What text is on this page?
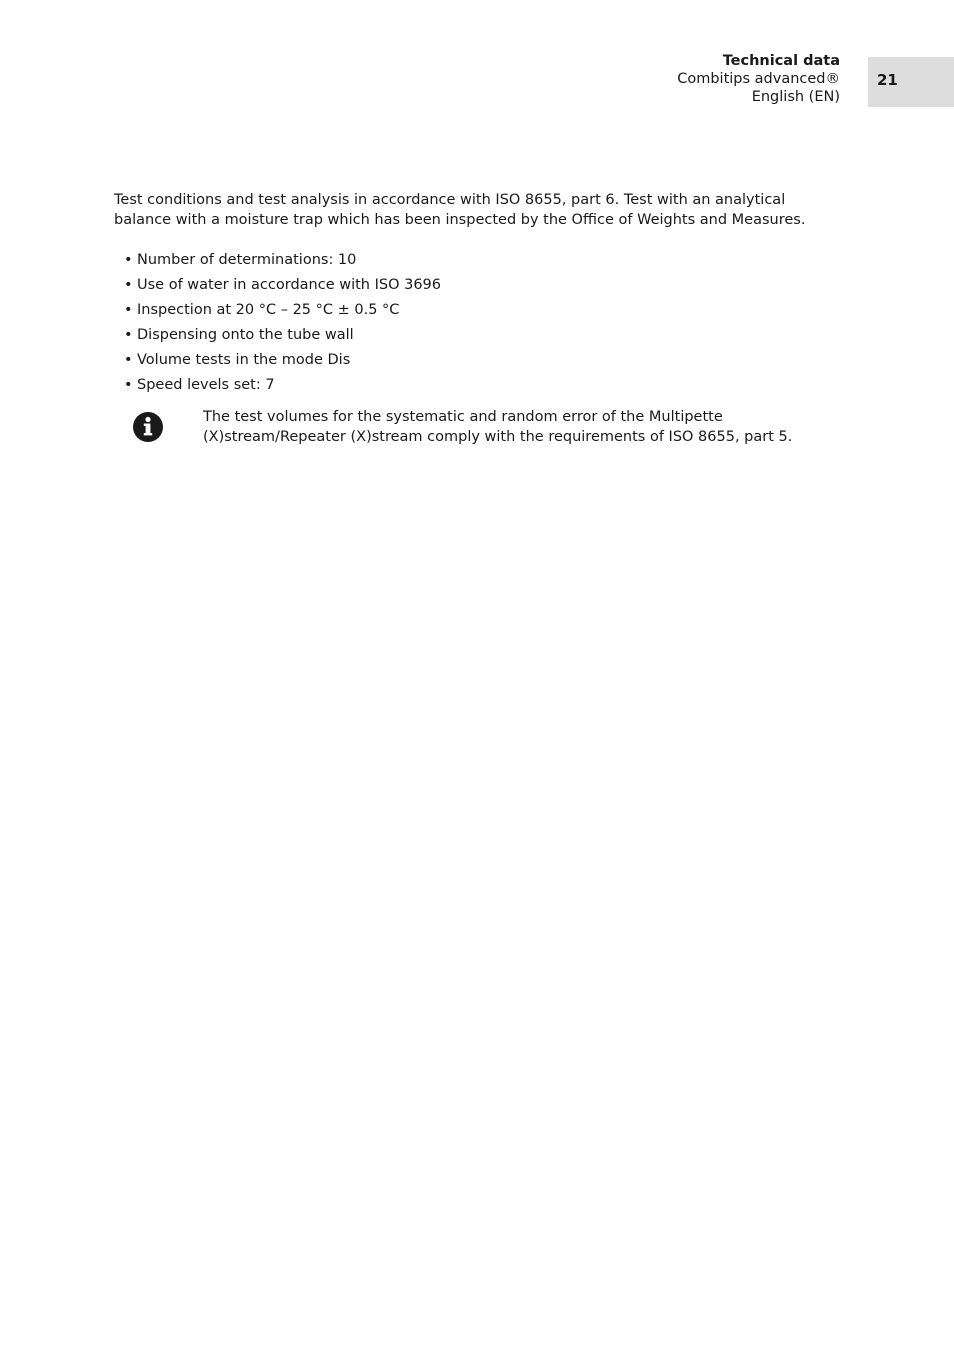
Technical data
Combitips advanced®
English (EN)
21

Test conditions and test analysis in accordance with ISO 8655, part 6. Test with an analytical balance with a moisture trap which has been inspected by the Office of Weights and Measures.

• Number of determinations: 10
• Use of water in accordance with ISO 3696
• Inspection at 20 °C – 25 °C ± 0.5 °C
• Dispensing onto the tube wall
• Volume tests in the mode Dis
• Speed levels set: 7

The test volumes for the systematic and random error of the Multipette (X)stream/Repeater (X)stream comply with the requirements of ISO 8655, part 5.
